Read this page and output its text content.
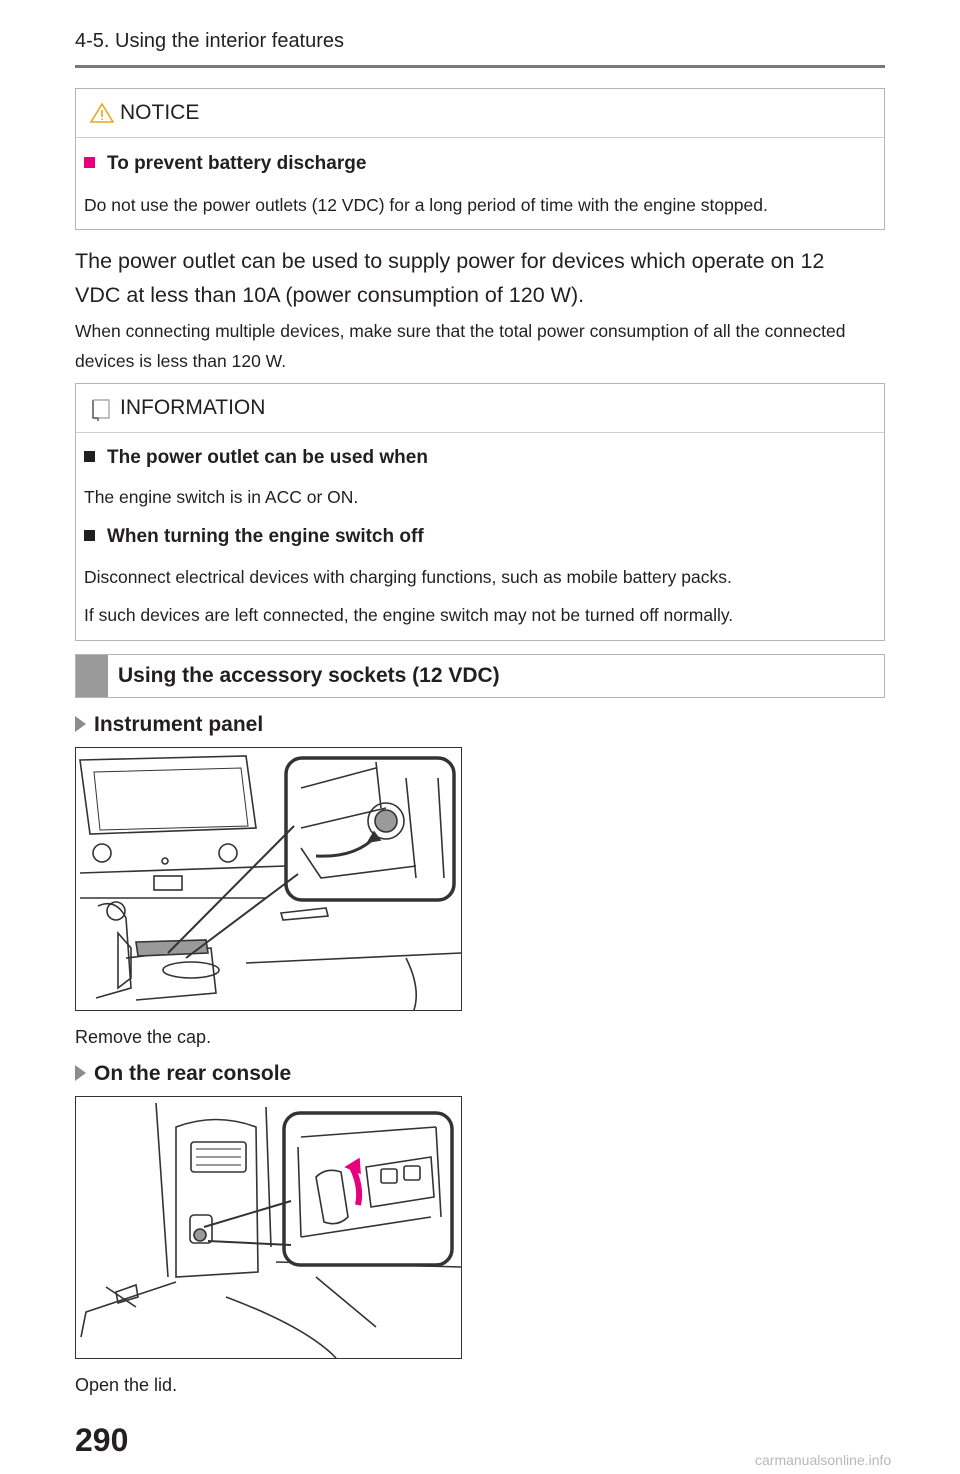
4-5. Using the interior features
NOTICE
To prevent battery discharge
Do not use the power outlets (12 VDC) for a long period of time with the engine stopped.
The power outlet can be used to supply power for devices which operate on 12 VDC at less than 10A (power consumption of 120 W).
When connecting multiple devices, make sure that the total power consumption of all the connected devices is less than 120 W.
INFORMATION
The power outlet can be used when
The engine switch is in ACC or ON.
When turning the engine switch off
Disconnect electrical devices with charging functions, such as mobile battery packs.
If such devices are left connected, the engine switch may not be turned off normally.
Using the accessory sockets (12 VDC)
Instrument panel
Remove the cap.
On the rear console
Open the lid.
290
carmanualsonline.info
